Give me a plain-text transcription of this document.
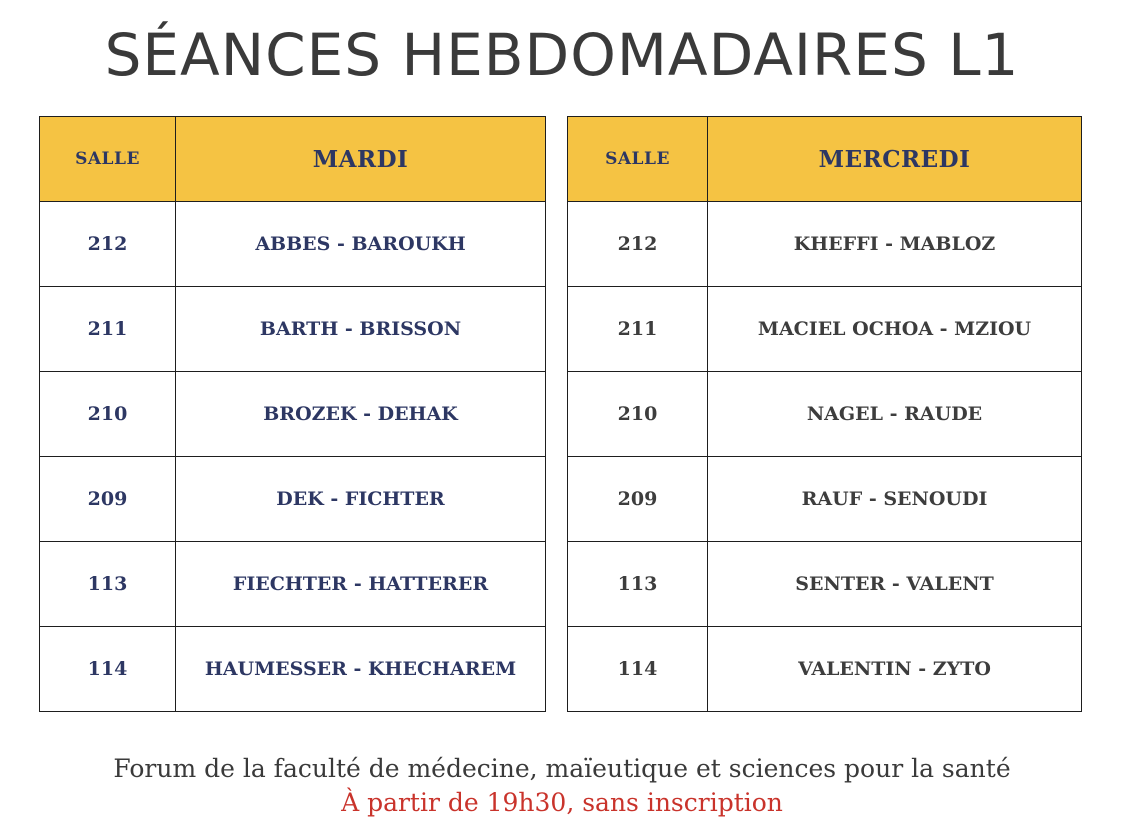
SÉANCES HEBDOMADAIRES L1
SALLE	MARDI
212	ABBES - BAROUKH
211	BARTH - BRISSON
210	BROZEK - DEHAK
209	DEK - FICHTER
113	FIECHTER - HATTERER
114	HAUMESSER - KHECHAREM
SALLE	MERCREDI
212	KHEFFI - MABLOZ
211	MACIEL OCHOA - MZIOU
210	NAGEL - RAUDE
209	RAUF - SENOUDI
113	SENTER - VALENT
114	VALENTIN - ZYTO
Forum de la faculté de médecine, maïeutique et sciences pour la santé
À partir de 19h30, sans inscription
